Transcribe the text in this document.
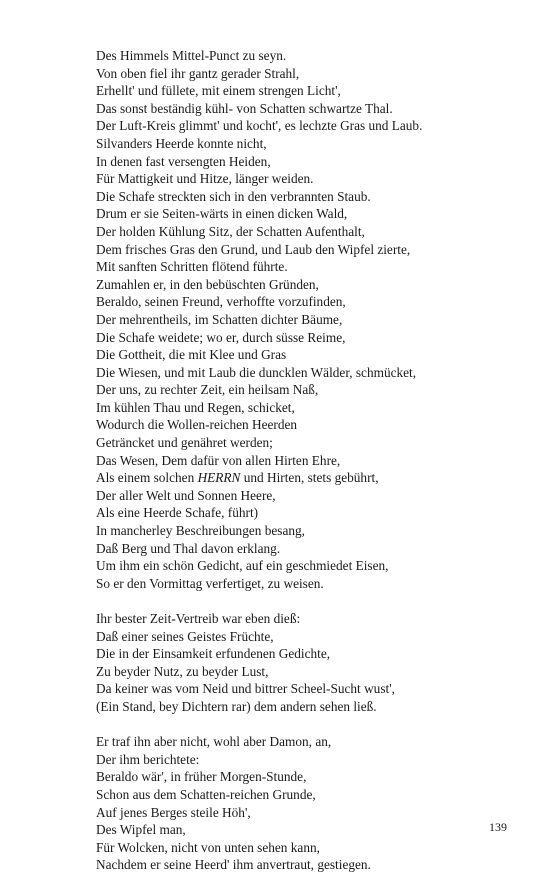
Des Himmels Mittel-Punct zu seyn.
Von oben fiel ihr gantz gerader Strahl,
Erhellt' und füllete, mit einem strengen Licht',
Das sonst beständig kühl- von Schatten schwartze Thal.
Der Luft-Kreis glimmt' und kocht', es lechzte Gras und Laub.
Silvanders Heerde konnte nicht,
In denen fast versengten Heiden,
Für Mattigkeit und Hitze, länger weiden.
Die Schafe streckten sich in den verbrannten Staub.
Drum er sie Seiten-wärts in einen dicken Wald,
Der holden Kühlung Sitz, der Schatten Aufenthalt,
Dem frisches Gras den Grund, und Laub den Wipfel zierte,
Mit sanften Schritten flötend führte.
Zumahlen er, in den bebüschten Gründen,
Beraldo, seinen Freund, verhoffte vorzufinden,
Der mehrentheils, im Schatten dichter Bäume,
Die Schafe weidete; wo er, durch süsse Reime,
Die Gottheit, die mit Klee und Gras
Die Wiesen, und mit Laub die duncklen Wälder, schmücket,
Der uns, zu rechter Zeit, ein heilsam Naß,
Im kühlen Thau und Regen, schicket,
Wodurch die Wollen-reichen Heerden
Geträncket und genähret werden;
Das Wesen, Dem dafür von allen Hirten Ehre,
Als einem solchen HERRN und Hirten, stets gebührt,
Der aller Welt und Sonnen Heere,
Als eine Heerde Schafe, führt)
In mancherley Beschreibungen besang,
Daß Berg und Thal davon erklang.
Um ihm ein schön Gedicht, auf ein geschmiedet Eisen,
So er den Vormittag verfertiget, zu weisen.
Ihr bester Zeit-Vertreib war eben dieß:
Daß einer seines Geistes Früchte,
Die in der Einsamkeit erfundenen Gedichte,
Zu beyder Nutz, zu beyder Lust,
Da keiner was vom Neid und bittrer Scheel-Sucht wust',
(Ein Stand, bey Dichtern rar) dem andern sehen ließ.
Er traf ihn aber nicht, wohl aber Damon, an,
Der ihm berichtete:
Beraldo wär', in früher Morgen-Stunde,
Schon aus dem Schatten-reichen Grunde,
Auf jenes Berges steile Höh',
Des Wipfel man,
Für Wolcken, nicht von unten sehen kann,
Nachdem er seine Heerd' ihm anvertraut, gestiegen.
139
